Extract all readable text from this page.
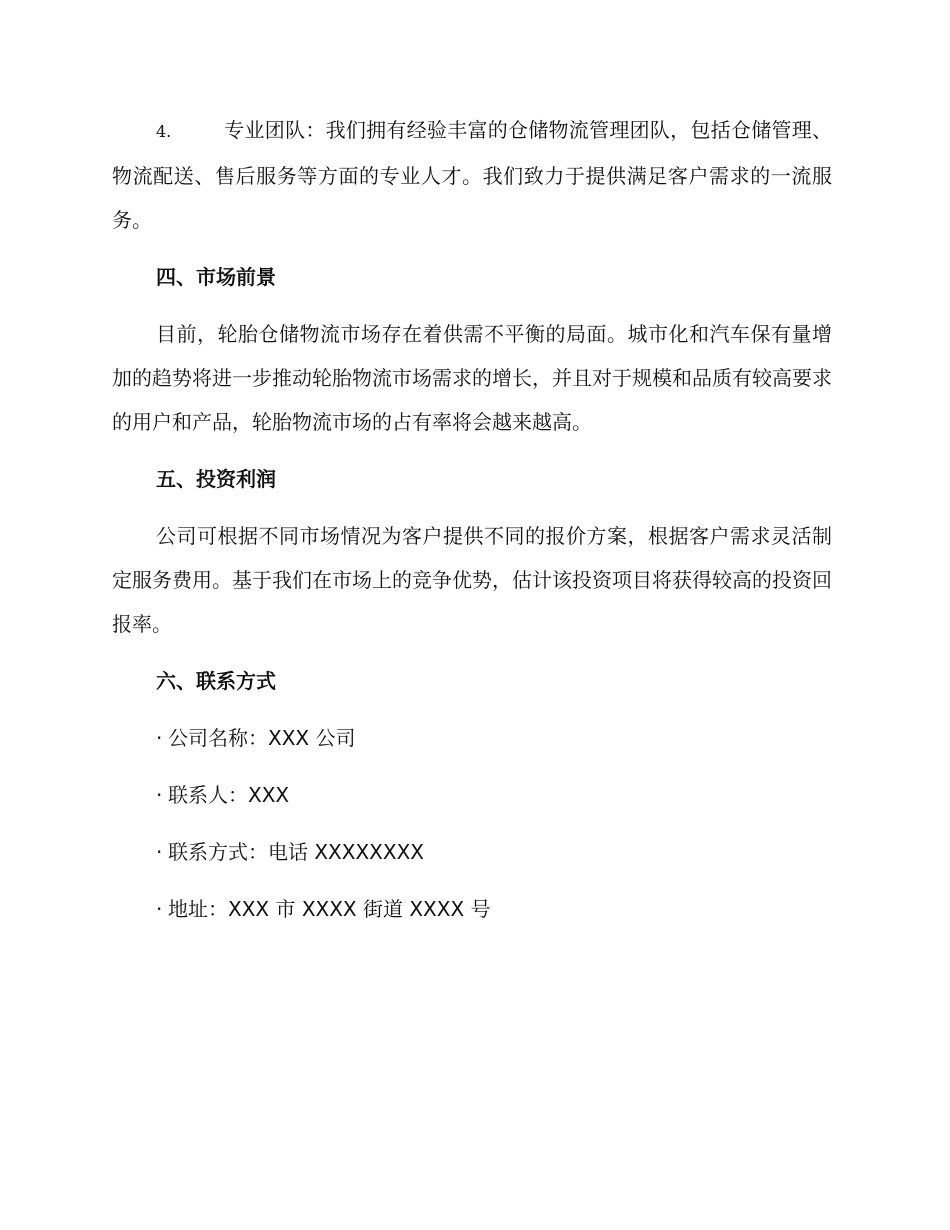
4.	专业团队：我们拥有经验丰富的仓储物流管理团队，包括仓储管理、物流配送、售后服务等方面的专业人才。我们致力于提供满足客户需求的一流服务。

四、市场前景

目前，轮胎仓储物流市场存在着供需不平衡的局面。城市化和汽车保有量增加的趋势将进一步推动轮胎物流市场需求的增长，并且对于规模和品质有较高要求的用户和产品，轮胎物流市场的占有率将会越来越高。

五、投资利润

公司可根据不同市场情况为客户提供不同的报价方案，根据客户需求灵活制定服务费用。基于我们在市场上的竞争优势，估计该投资项目将获得较高的投资回报率。

六、联系方式
· 公司名称：XXX 公司
· 联系人：XXX
· 联系方式：电话 XXXXXXXX
· 地址：XXX 市 XXXX 街道 XXXX 号
